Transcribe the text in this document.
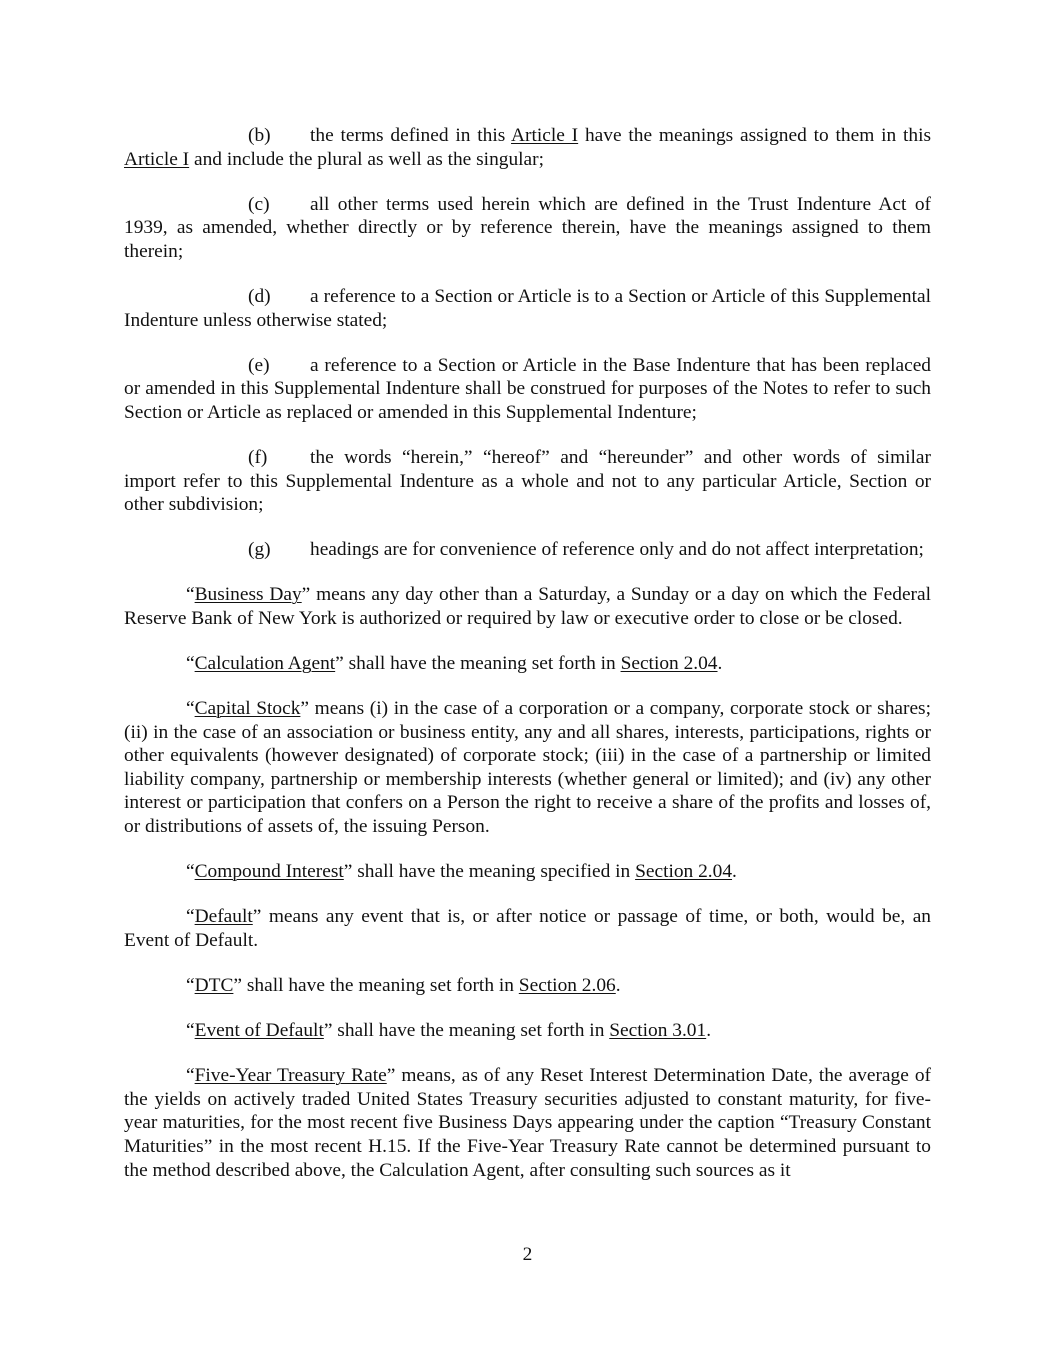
(b) the terms defined in this Article I have the meanings assigned to them in this Article I and include the plural as well as the singular;

(c) all other terms used herein which are defined in the Trust Indenture Act of 1939, as amended, whether directly or by reference therein, have the meanings assigned to them therein;

(d) a reference to a Section or Article is to a Section or Article of this Supplemental Indenture unless otherwise stated;

(e) a reference to a Section or Article in the Base Indenture that has been replaced or amended in this Supplemental Indenture shall be construed for purposes of the Notes to refer to such Section or Article as replaced or amended in this Supplemental Indenture;

(f) the words “herein,” “hereof” and “hereunder” and other words of similar import refer to this Supplemental Indenture as a whole and not to any particular Article, Section or other subdivision;

(g) headings are for convenience of reference only and do not affect interpretation;

“Business Day” means any day other than a Saturday, a Sunday or a day on which the Federal Reserve Bank of New York is authorized or required by law or executive order to close or be closed.

“Calculation Agent” shall have the meaning set forth in Section 2.04.

“Capital Stock” means (i) in the case of a corporation or a company, corporate stock or shares; (ii) in the case of an association or business entity, any and all shares, interests, participations, rights or other equivalents (however designated) of corporate stock; (iii) in the case of a partnership or limited liability company, partnership or membership interests (whether general or limited); and (iv) any other interest or participation that confers on a Person the right to receive a share of the profits and losses of, or distributions of assets of, the issuing Person.

“Compound Interest” shall have the meaning specified in Section 2.04.

“Default” means any event that is, or after notice or passage of time, or both, would be, an Event of Default.

“DTC” shall have the meaning set forth in Section 2.06.

“Event of Default” shall have the meaning set forth in Section 3.01.

“Five-Year Treasury Rate” means, as of any Reset Interest Determination Date, the average of the yields on actively traded United States Treasury securities adjusted to constant maturity, for five-year maturities, for the most recent five Business Days appearing under the caption “Treasury Constant Maturities” in the most recent H.15. If the Five-Year Treasury Rate cannot be determined pursuant to the method described above, the Calculation Agent, after consulting such sources as it

2
